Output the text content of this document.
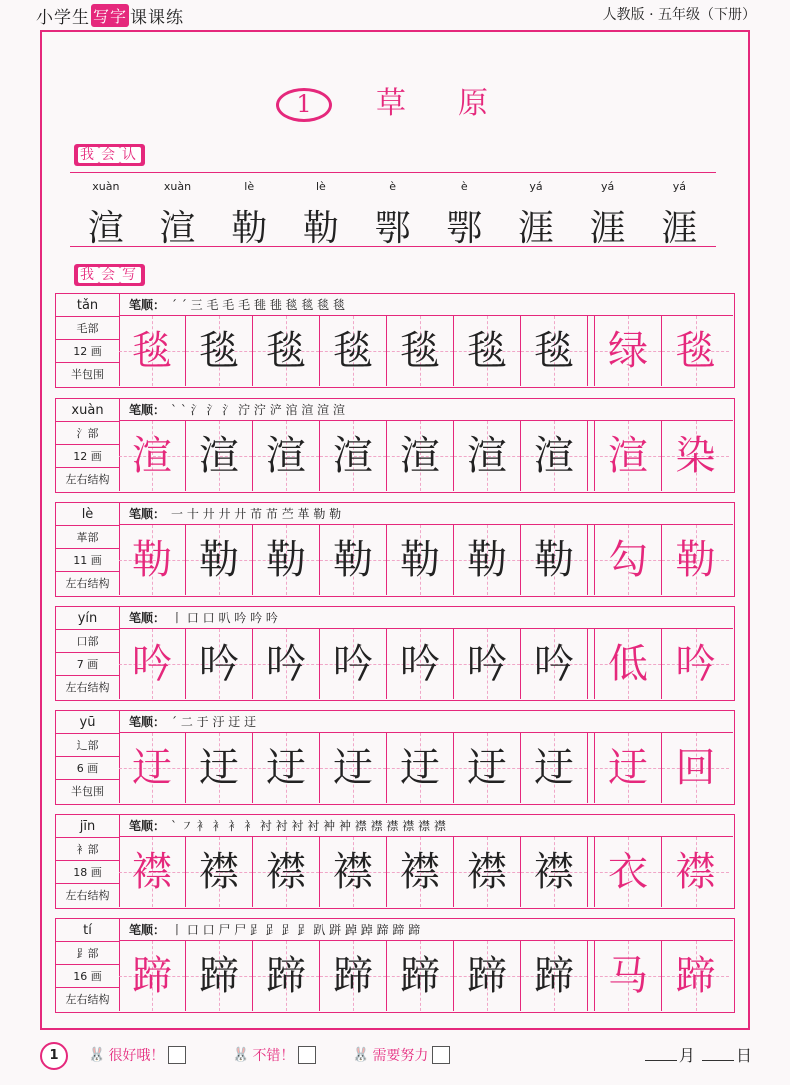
小学生 写字 课课练	人教版 · 五年级（下册）
1 草 原
我 会 认
xuàn	xuàn	lè	lè	è	è	yá	yá	yá
渲 渲 勒 勒 鄂 鄂 涯 涯 涯
我 会 写
tǎn
毛部
12 画
半包围
笔顺： ˊ ˊ 三 毛 毛 毛 毴 毴 毯 毯 毯 毯
毯 毯 毯 毯 毯 毯 毯 绿 毯
xuàn
氵部
12 画
左右结构
笔顺： ˋ ˋ 氵 氵 氵 泞 泞 浐 涫 渲 渲 渲
渲 渲 渲 渲 渲 渲 渲 渲 染
lè
革部
11 画
左右结构
笔顺： 一 十 廾 廾 廾 芇 芇 苎 革 勒 勒
勒 勒 勒 勒 勒 勒 勒 勾 勒
yín
口部
7 画
左右结构
笔顺： 丨 口 口 叭 吟 吟 吟
吟 吟 吟 吟 吟 吟 吟 低 吟
yū
辶部
6 画
半包围
笔顺： ˊ 二 于 汙 迂 迂
迂 迂 迂 迂 迂 迂 迂 迂 回
jīn
衤部
18 画
左右结构
笔顺： ˋ ㇇ 衤 衤 衤 衤 衬 衬 衬 衬 衶 衶 襟 襟 襟 襟 襟 襟
襟 襟 襟 襟 襟 襟 襟 衣 襟
tí
⻊部
16 画
左右结构
笔顺： 丨 口 口 尸 尸 𧾷 𧾷 𧾷 𧾷 趴 跰 踔 踔 蹄 蹄 蹄
蹄 蹄 蹄 蹄 蹄 蹄 蹄 马 蹄
1	🐰 很好哦！	🐰 不错！	🐰 需要努力	月	日
